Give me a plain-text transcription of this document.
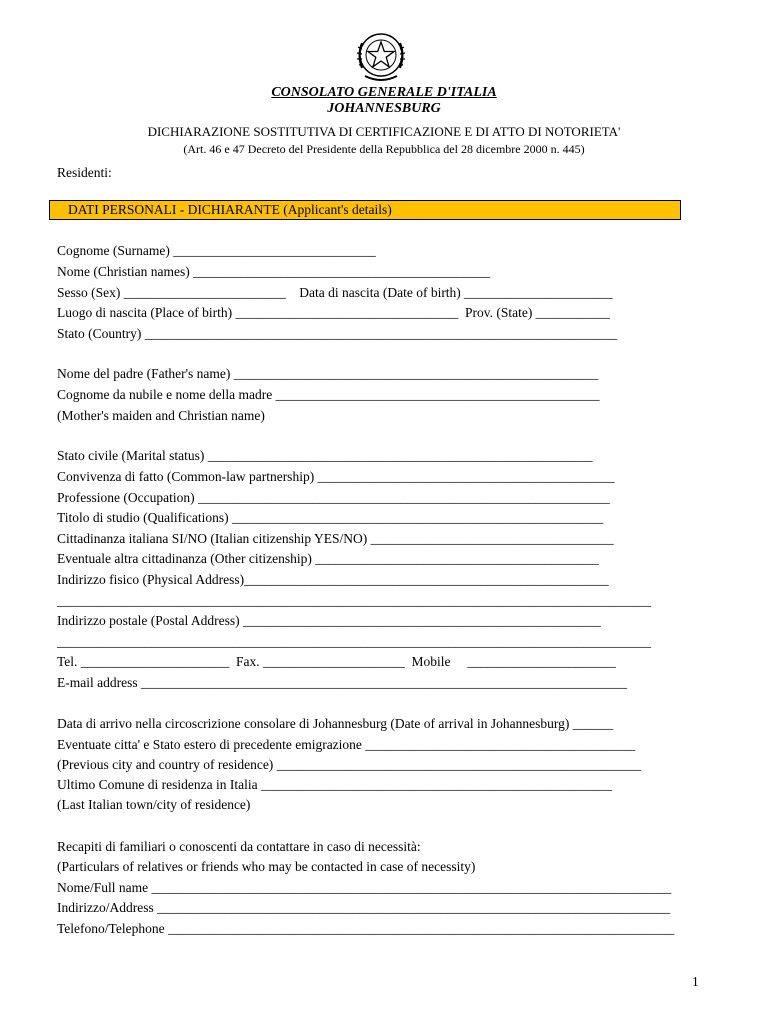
CONSOLATO GENERALE D'ITALIA
JOHANNESBURG
DICHIARAZIONE SOSTITUTIVA DI CERTIFICAZIONE E DI ATTO DI NOTORIETA'
(Art. 46 e 47 Decreto del Presidente della Repubblica del 28 dicembre 2000 n. 445)
Residenti:
DATI PERSONALI - DICHIARANTE (Applicant's details)
Cognome (Surname) ______________________________
Nome (Christian names) ____________________________________________
Sesso (Sex) ________________________    Data di nascita (Date of birth) ______________________
Luogo di nascita (Place of birth) _________________________________  Prov. (State) ___________
Stato (Country) ______________________________________________________________________
Nome del padre (Father's name) ______________________________________________________
Cognome da nubile e nome della madre ________________________________________________
(Mother's maiden and Christian name)
Stato civile (Marital status) _________________________________________________________
Convivenza di fatto (Common-law partnership) ____________________________________________
Professione (Occupation) _____________________________________________________________
Titolo di studio (Qualifications) _______________________________________________________
Cittadinanza italiana SI/NO (Italian citizenship YES/NO) ____________________________________
Eventuale altra cittadinanza (Other citizenship) __________________________________________
Indirizzo fisico (Physical Address)______________________________________________________
________________________________________________________________________________________
Indirizzo postale (Postal Address) _____________________________________________________
________________________________________________________________________________________
Tel. ______________________  Fax. _____________________  Mobile     ______________________
E-mail address ________________________________________________________________________
Data di arrivo nella circoscrizione consolare di Johannesburg (Date of arrival in Johannesburg) ______
Eventuate citta' e Stato estero di precedente emigrazione ________________________________________
(Previous city and country of residence) ______________________________________________________
Ultimo Comune di residenza in Italia ____________________________________________________
(Last Italian town/city of residence)
Recapiti di familiari o conoscenti da contattare in caso di necessità:
(Particulars of relatives or friends who may be contacted in case of necessity)
Nome/Full name _____________________________________________________________________________
Indirizzo/Address ____________________________________________________________________________
Telefono/Telephone ___________________________________________________________________________
1
